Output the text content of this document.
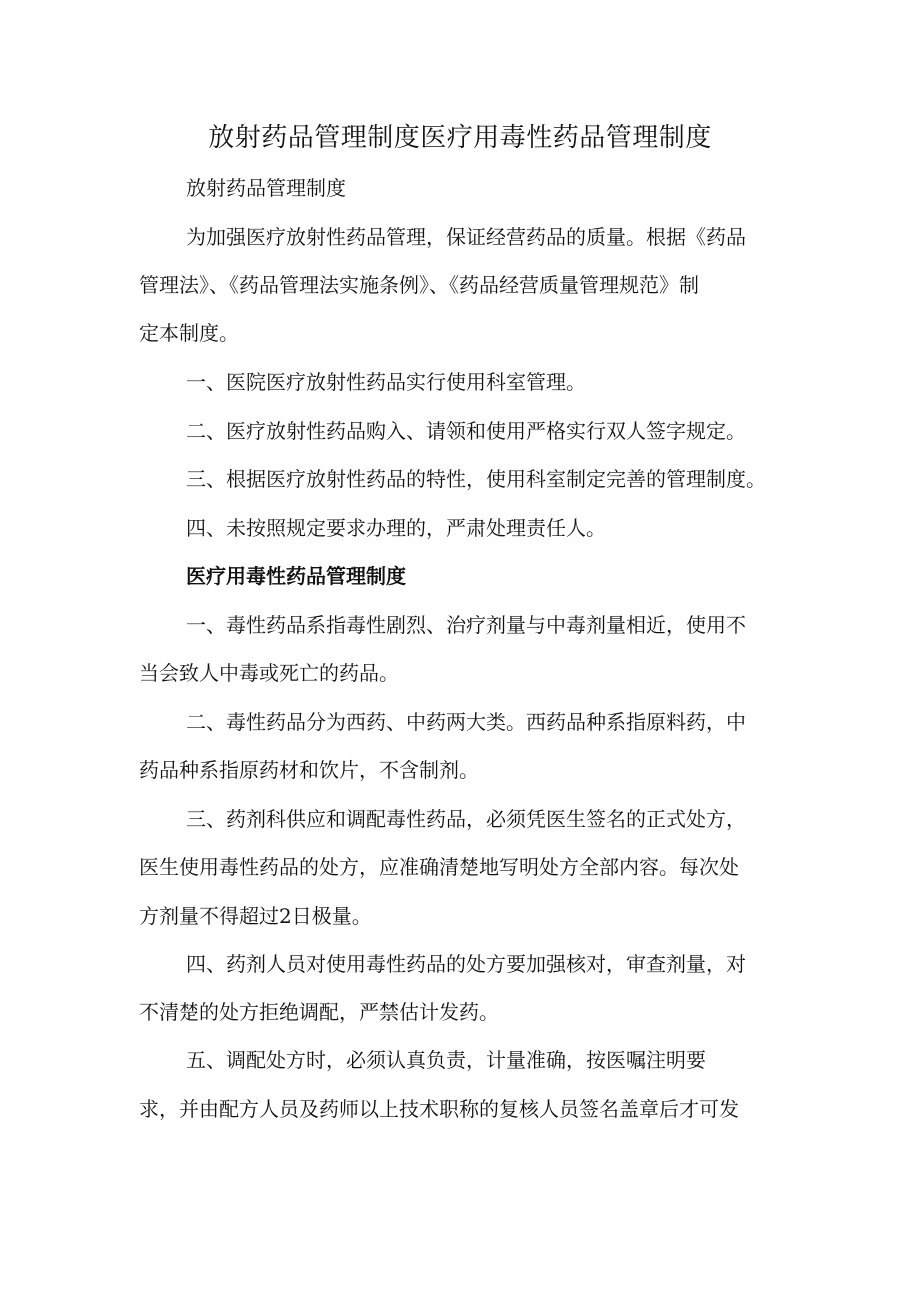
放射药品管理制度医疗用毒性药品管理制度
放射药品管理制度
为加强医疗放射性药品管理，保证经营药品的质量。根据《药品
管理法》、《药品管理法实施条例》、《药品经营质量管理规范》制
定本制度。
一、医院医疗放射性药品实行使用科室管理。
二、医疗放射性药品购入、请领和使用严格实行双人签字规定。
三、根据医疗放射性药品的特性，使用科室制定完善的管理制度。
四、未按照规定要求办理的，严肃处理责任人。
医疗用毒性药品管理制度
一、毒性药品系指毒性剧烈、治疗剂量与中毒剂量相近，使用不
当会致人中毒或死亡的药品。
二、毒性药品分为西药、中药两大类。西药品种系指原料药，中
药品种系指原药材和饮片，不含制剂。
三、药剂科供应和调配毒性药品，必须凭医生签名的正式处方，
医生使用毒性药品的处方，应准确清楚地写明处方全部内容。每次处
方剂量不得超过2日极量。
四、药剂人员对使用毒性药品的处方要加强核对，审查剂量，对
不清楚的处方拒绝调配，严禁估计发药。
五、调配处方时，必须认真负责，计量准确，按医嘱注明要
求，并由配方人员及药师以上技术职称的复核人员签名盖章后才可发
